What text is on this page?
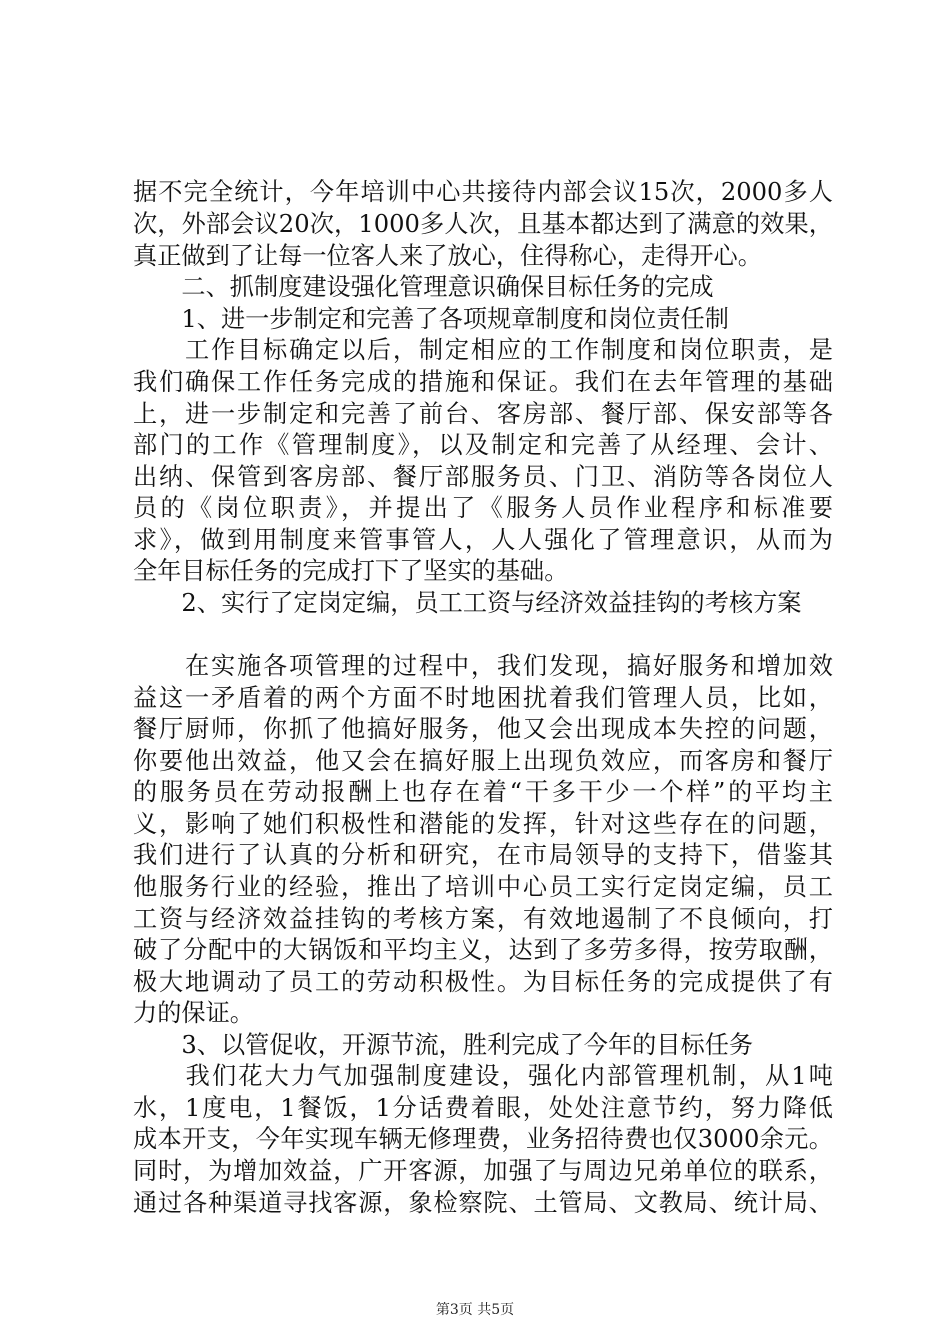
据不完全统计，今年培训中心共接待内部会议15次，2000多人
次，外部会议20次，1000多人次，且基本都达到了满意的效果，
真正做到了让每一位客人来了放心，住得称心，走得开心。
　　二、抓制度建设强化管理意识确保目标任务的完成
　　1、进一步制定和完善了各项规章制度和岗位责任制
　　工作目标确定以后，制定相应的工作制度和岗位职责，是
我们确保工作任务完成的措施和保证。我们在去年管理的基础
上，进一步制定和完善了前台、客房部、餐厅部、保安部等各
部门的工作《管理制度》，以及制定和完善了从经理、会计、
出纳、保管到客房部、餐厅部服务员、门卫、消防等各岗位人
员的《岗位职责》，并提出了《服务人员作业程序和标准要
求》，做到用制度来管事管人，人人强化了管理意识，从而为
全年目标任务的完成打下了坚实的基础。
　　2、实行了定岗定编，员工工资与经济效益挂钩的考核方案
　　在实施各项管理的过程中，我们发现，搞好服务和增加效
益这一矛盾着的两个方面不时地困扰着我们管理人员，比如，
餐厅厨师，你抓了他搞好服务，他又会出现成本失控的问题，
你要他出效益，他又会在搞好服上出现负效应，而客房和餐厅
的服务员在劳动报酬上也存在着“干多干少一个样”的平均主
义，影响了她们积极性和潜能的发挥，针对这些存在的问题，
我们进行了认真的分析和研究，在市局领导的支持下，借鉴其
他服务行业的经验，推出了培训中心员工实行定岗定编，员工
工资与经济效益挂钩的考核方案，有效地遏制了不良倾向，打
破了分配中的大锅饭和平均主义，达到了多劳多得，按劳取酬，
极大地调动了员工的劳动积极性。为目标任务的完成提供了有
力的保证。
　　3、以管促收，开源节流，胜利完成了今年的目标任务
　　我们花大力气加强制度建设，强化内部管理机制，从1吨
水，1度电，1餐饭，1分话费着眼，处处注意节约，努力降低
成本开支，今年实现车辆无修理费，业务招待费也仅3000余元。
同时，为增加效益，广开客源，加强了与周边兄弟单位的联系，
通过各种渠道寻找客源，象检察院、土管局、文教局、统计局、
第3页 共5页
